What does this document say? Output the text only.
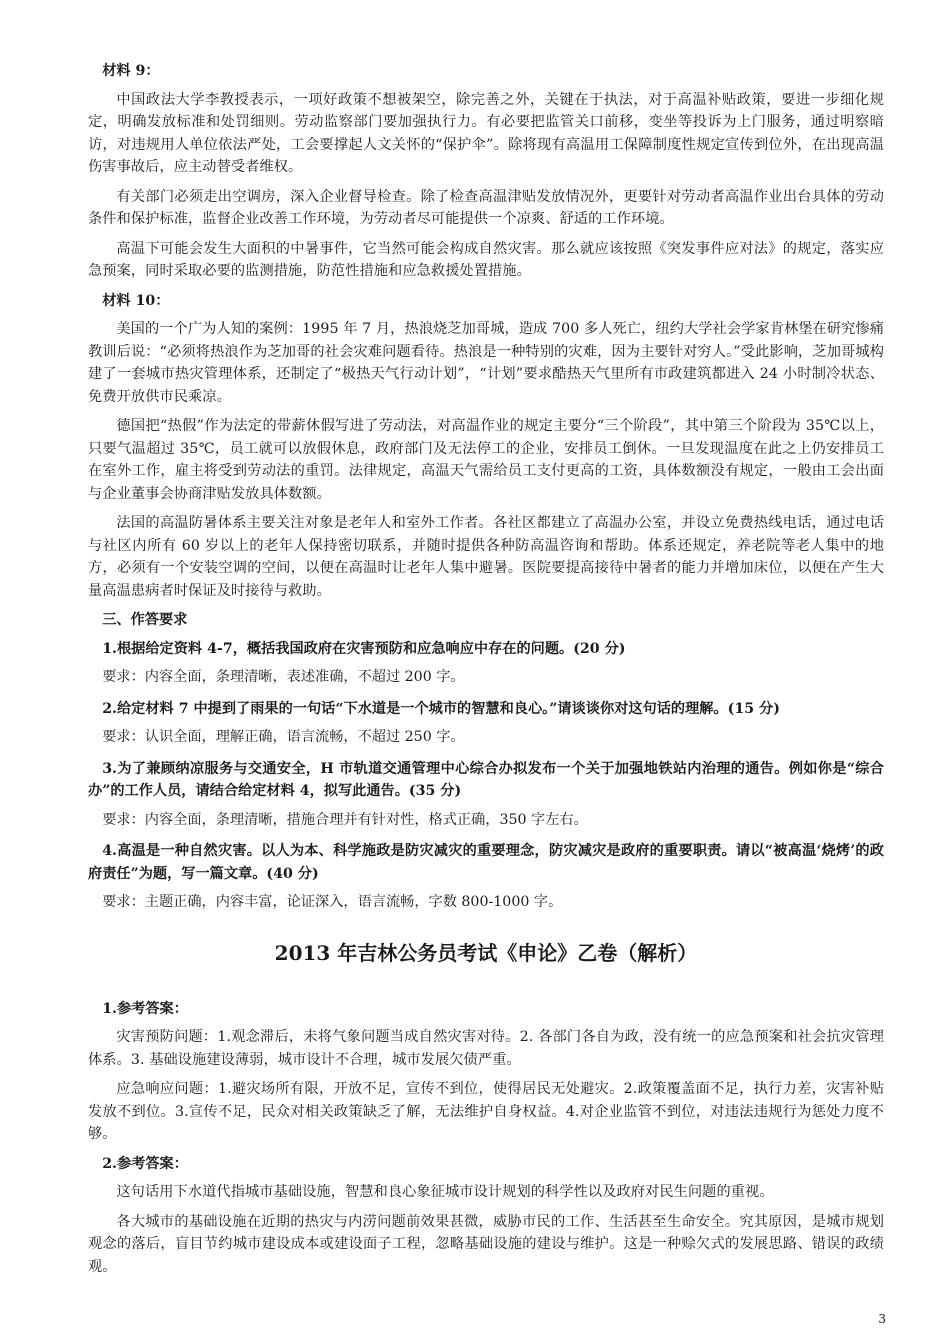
材料 9：

中国政法大学李教授表示，一项好政策不想被架空，除完善之外，关键在于执法，对于高温补贴政策，要进一步细化规定，明确发放标准和处罚细则。劳动监察部门要加强执行力。有必要把监管关口前移，变坐等投诉为上门服务，通过明察暗访，对违规用人单位依法严处，工会要撑起人文关怀的“保护伞”。除将现有高温用工保障制度性规定宣传到位外，在出现高温伤害事故后，应主动替受者维权。

有关部门必须走出空调房，深入企业督导检查。除了检查高温津贴发放情况外，更要针对劳动者高温作业出台具体的劳动条件和保护标准，监督企业改善工作环境，为劳动者尽可能提供一个凉爽、舒适的工作环境。

高温下可能会发生大面积的中暑事件，它当然可能会构成自然灾害。那么就应该按照《突发事件应对法》的规定，落实应急预案，同时采取必要的监测措施，防范性措施和应急救援处置措施。

材料 10：

美国的一个广为人知的案例：1995 年 7 月，热浪烧芝加哥城，造成 700 多人死亡，纽约大学社会学家肯林堡在研究惨痛教训后说：“必须将热浪作为芝加哥的社会灾难问题看待。热浪是一种特别的灾难，因为主要针对穷人。”受此影响，芝加哥城构建了一套城市热灾管理体系，还制定了“极热天气行动计划”，“计划”要求酷热天气里所有市政建筑都进入 24 小时制冷状态、免费开放供市民乘凉。

德国把“热假”作为法定的带薪休假写进了劳动法，对高温作业的规定主要分“三个阶段”，其中第三个阶段为 35℃以上，只要气温超过 35℃，员工就可以放假休息，政府部门及无法停工的企业，安排员工倒休。一旦发现温度在此之上仍安排员工在室外工作，雇主将受到劳动法的重罚。法律规定，高温天气需给员工支付更高的工资，具体数额没有规定，一般由工会出面与企业董事会协商津贴发放具体数额。

法国的高温防暑体系主要关注对象是老年人和室外工作者。各社区都建立了高温办公室，并设立免费热线电话，通过电话与社区内所有 60 岁以上的老年人保持密切联系，并随时提供各种防高温咨询和帮助。体系还规定，养老院等老人集中的地方，必须有一个安装空调的空间，以便在高温时让老年人集中避暑。医院要提高接待中暑者的能力并增加床位，以便在产生大量高温患病者时保证及时接待与救助。

三、作答要求
1.根据给定资料 4-7，概括我国政府在灾害预防和应急响应中存在的问题。(20 分)
要求：内容全面，条理清晰，表述准确，不超过 200 字。
2.给定材料 7 中提到了雨果的一句话“下水道是一个城市的智慧和良心。”请谈谈你对这句话的理解。(15 分)
要求：认识全面，理解正确，语言流畅，不超过 250 字。
3.为了兼顾纳凉服务与交通安全，H 市轨道交通管理中心综合办拟发布一个关于加强地铁站内治理的通告。例如你是“综合办”的工作人员，请结合给定材料 4，拟写此通告。(35 分)
要求：内容全面，条理清晰，措施合理并有针对性，格式正确，350 字左右。
4.高温是一种自然灾害。以人为本、科学施政是防灾减灾的重要理念，防灾减灾是政府的重要职责。请以“被高温‘烧烤’的政府责任”为题，写一篇文章。(40 分)
要求：主题正确，内容丰富，论证深入，语言流畅，字数 800-1000 字。
2013 年吉林公务员考试《申论》乙卷（解析）
1.参考答案：

灾害预防问题：1.观念滞后，未将气象问题当成自然灾害对待。2. 各部门各自为政，没有统一的应急预案和社会抗灾管理体系。3. 基础设施建设薄弱，城市设计不合理，城市发展欠债严重。

应急响应问题：1.避灾场所有限，开放不足，宣传不到位，使得居民无处避灾。2.政策覆盖面不足，执行力差，灾害补贴发放不到位。3.宣传不足，民众对相关政策缺乏了解，无法维护自身权益。4.对企业监管不到位，对违法违规行为惩处力度不够。

2.参考答案：

这句话用下水道代指城市基础设施，智慧和良心象征城市设计规划的科学性以及政府对民生问题的重视。

各大城市的基础设施在近期的热灾与内涝问题前效果甚微，威胁市民的工作、生活甚至生命安全。究其原因，是城市规划观念的落后，盲目节约城市建设成本或建设面子工程，忽略基础设施的建设与维护。这是一种赊欠式的发展思路、错误的政绩观。

3
